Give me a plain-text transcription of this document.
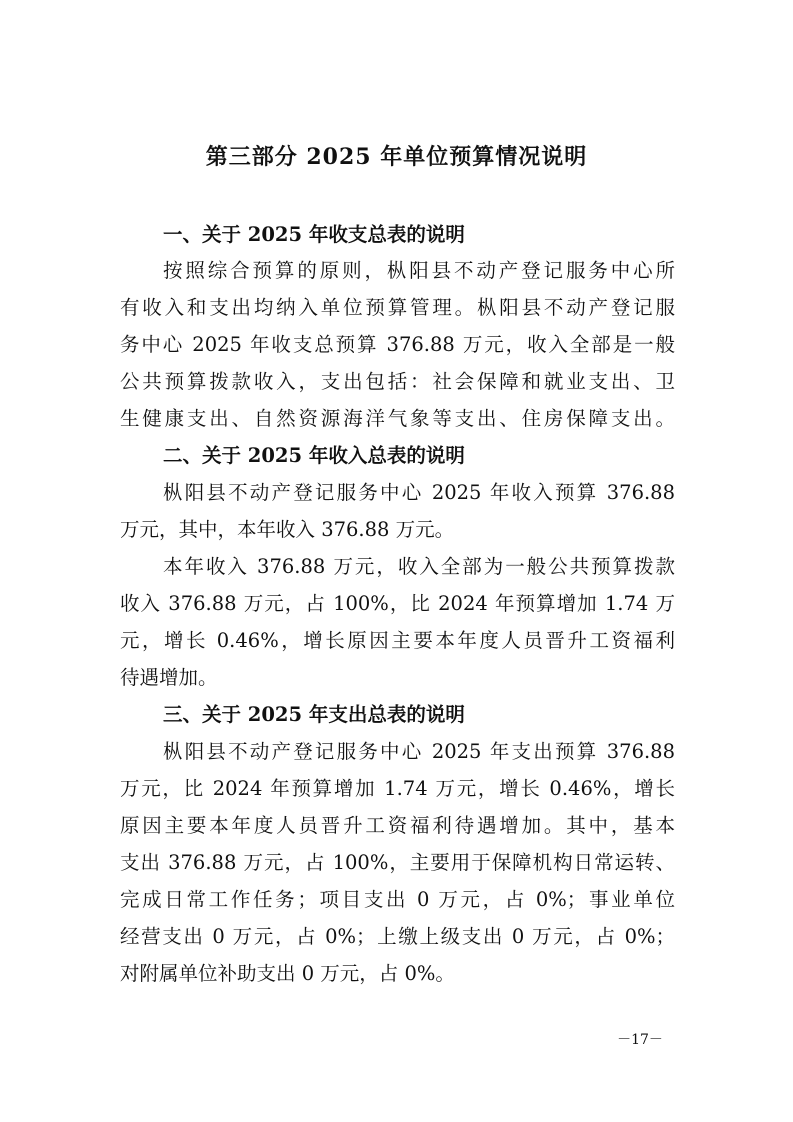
第三部分 2025 年单位预算情况说明
一、关于 2025 年收支总表的说明
按照综合预算的原则，枞阳县不动产登记服务中心所
有收入和支出均纳入单位预算管理。枞阳县不动产登记服
务中心 2025 年收支总预算 376.88 万元，收入全部是一般
公共预算拨款收入，支出包括：社会保障和就业支出、卫
生健康支出、自然资源海洋气象等支出、住房保障支出。
二、关于 2025 年收入总表的说明
枞阳县不动产登记服务中心 2025 年收入预算 376.88
万元，其中，本年收入 376.88 万元。
本年收入 376.88 万元，收入全部为一般公共预算拨款
收入 376.88 万元，占 100%，比 2024 年预算增加 1.74 万
元，增长 0.46%，增长原因主要本年度人员晋升工资福利
待遇增加。
三、关于 2025 年支出总表的说明
枞阳县不动产登记服务中心 2025 年支出预算 376.88
万元，比 2024 年预算增加 1.74 万元，增长 0.46%，增长
原因主要本年度人员晋升工资福利待遇增加。其中，基本
支出 376.88 万元，占 100%，主要用于保障机构日常运转、
完成日常工作任务；项目支出 0 万元，占 0%；事业单位
经营支出 0 万元，占 0%；上缴上级支出 0 万元，占 0%；
对附属单位补助支出 0 万元，占 0%。
－17－
